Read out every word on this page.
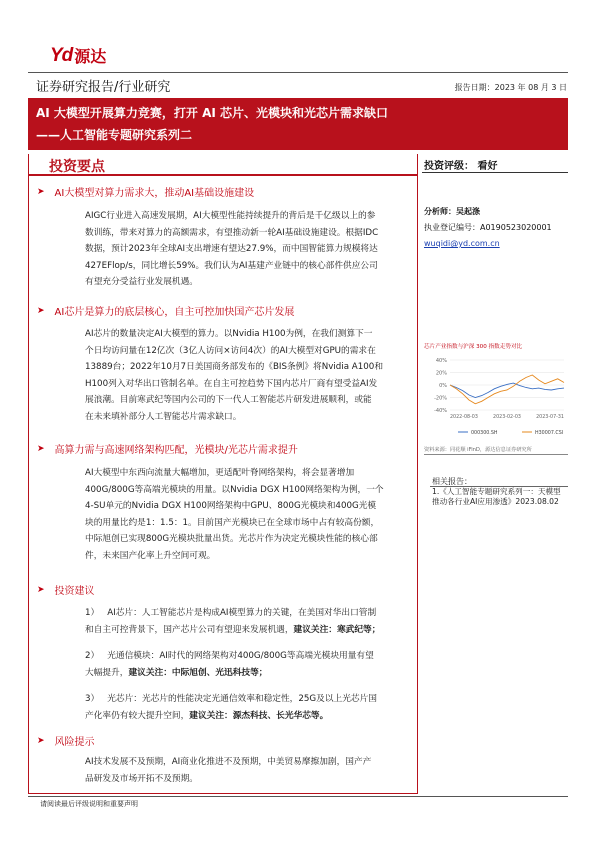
Yd 源达
证券研究报告/行业研究	报告日期：2023 年 08 月 3 日
AI 大模型开展算力竞赛，打开 AI 芯片、光模块和光芯片需求缺口
——人工智能专题研究系列二
投资要点
➤ AI大模型对算力需求大，推动AI基础设施建设
AIGC行业进入高速发展期，AI大模型性能持续提升的背后是千亿级以上的参
数训练，带来对算力的高额需求，有望推动新一轮AI基础设施建设。根据IDC
数据，预计2023年全球AI支出增速有望达27.9%，而中国智能算力规模将达
427EFlop/s，同比增长59%。我们认为AI基建产业链中的核心部件供应公司
有望充分受益行业发展机遇。
➤ AI芯片是算力的底层核心，自主可控加快国产芯片发展
AI芯片的数量决定AI大模型的算力。以Nvidia H100为例，在我们测算下一
个日均访问量在12亿次（3亿人访问×访问4次）的AI大模型对GPU的需求在
13889台；2022年10月7日美国商务部发布的《BIS条例》将Nvidia A100和
H100列入对华出口管制名单。在自主可控趋势下国内芯片厂商有望受益AI发
展浪潮。目前寒武纪等国内公司的下一代人工智能芯片研发进展顺利，或能
在未来填补部分人工智能芯片需求缺口。
➤ 高算力需与高速网络架构匹配，光模块/光芯片需求提升
AI大模型中东西向流量大幅增加，更适配叶脊网络架构，将会显著增加
400G/800G等高端光模块的用量。以Nvidia DGX H100网络架构为例，一个
4-SU单元的Nvidia DGX H100网络架构中GPU、800G光模块和400G光模
块的用量比约是1：1.5：1。目前国产光模块已在全球市场中占有较高份额，
中际旭创已实现800G光模块批量出货。光芯片作为决定光模块性能的核心部
件，未来国产化率上升空间可观。
➤ 投资建议
1） AI芯片：人工智能芯片是构成AI模型算力的关键，在美国对华出口管制
和自主可控背景下，国产芯片公司有望迎来发展机遇，建议关注：寒武纪等；
2） 光通信模块：AI时代的网络架构对400G/800G等高端光模块用量有望
大幅提升，建议关注：中际旭创、光迅科技等；
3） 光芯片：光芯片的性能决定光通信效率和稳定性，25G及以上光芯片国
产化率仍有较大提升空间，建议关注：源杰科技、长光华芯等。
➤ 风险提示
AI技术发展不及预期，AI商业化推进不及预期，中美贸易摩擦加剧，国产产
品研发及市场开拓不及预期。
投资评级： 看好
分析师：吴起涤
执业登记编号：A0190523020001
wuqidi@yd.com.cn
芯片产业指数与沪深 300 指数走势对比
40%
20%
0%
-20%
-40%
2022-08-03	2023-02-03	2023-07-31
000300.SH	H30007.CSI
资料来源：同花顺 iFinD，源达信息证券研究所
相关报告：
1.《人工智能专题研究系列一：天模型推动各行业AI应用渗透》2023.08.02
请阅读最后评级说明和重要声明
